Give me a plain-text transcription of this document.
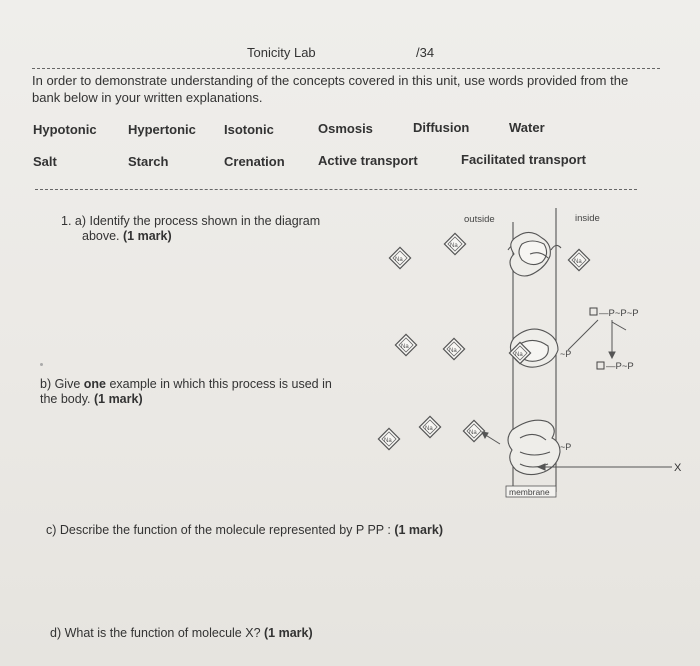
Tonicity Lab	/34
In order to demonstrate understanding of the concepts covered in this unit, use words provided from the
bank below in your written explanations.
Hypotonic Hypertonic Isotonic	Osmosis	Diffusion	Water
Salt	Starch	Crenation	Active transport	Facilitated transport
1. a) Identify the process shown in the diagram
above. (1 mark)
b) Give one example in which this process is used in
the body. (1 mark)
c) Describe the function of the molecule represented by P PP : (1 mark)
d) What is the function of molecule X? (1 mark)
outside	inside
Na
Na
Na
Na
Na
Na
Na
Na
Na
—P~P~P
—P~P
~P
~P
X
membrane
